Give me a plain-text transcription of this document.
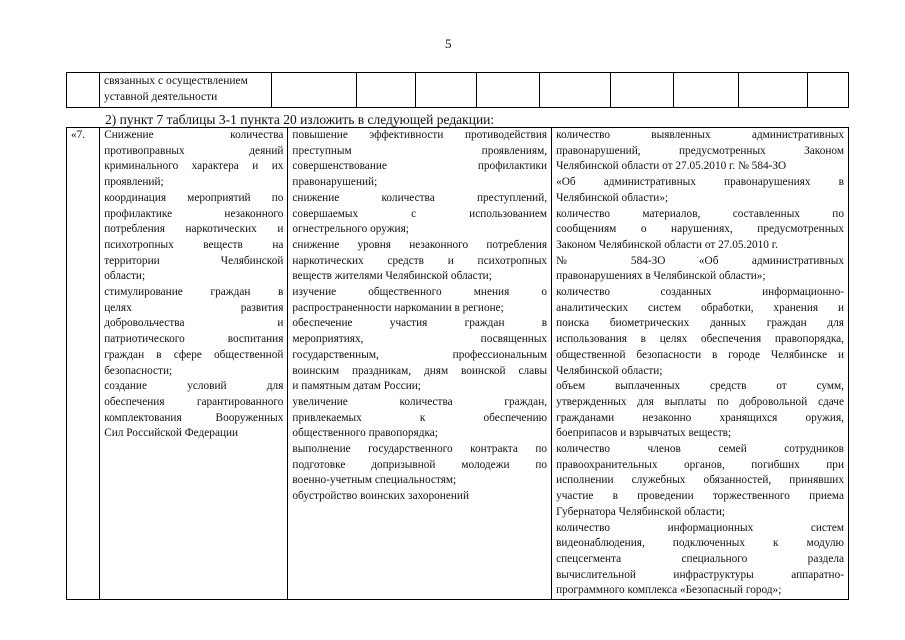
5

связанных с осуществлением
уставной деятельности

2) пункт 7 таблицы 3-1 пункта 20 изложить в следующей редакции:
«7.	Снижение количества
противоправных деяний
криминального характера и их
проявлений;
координация мероприятий по
профилактике незаконного
потребления наркотических и
психотропных веществ на
территории Челябинской
области;
стимулирование граждан в
целях развития
добровольчества и
патриотического воспитания
граждан в сфере общественной
безопасности;
создание условий для
обеспечения гарантированного
комплектования Вооруженных
Сил Российской Федерации

повышение эффективности противодействия
преступным проявлениям,
совершенствование профилактики
правонарушений;
снижение количества преступлений,
совершаемых с использованием
огнестрельного оружия;
снижение уровня незаконного потребления
наркотических средств и психотропных
веществ жителями Челябинской области;
изучение общественного мнения о
распространенности наркомании в регионе;
обеспечение участия граждан в
мероприятиях, посвященных
государственным, профессиональным
воинским праздникам, дням воинской славы
и памятным датам России;
увеличение количества граждан,
привлекаемых к обеспечению
общественного правопорядка;
выполнение государственного контракта по
подготовке допризывной молодежи по
военно-учетным специальностям;
обустройство воинских захоронений

количество выявленных административных
правонарушений, предусмотренных Законом
Челябинской области от 27.05.2010 г. № 584-ЗО
«Об административных правонарушениях в
Челябинской области»;
количество материалов, составленных по
сообщениям о нарушениях, предусмотренных
Законом Челябинской области от 27.05.2010 г.
№ 584-ЗО «Об административных
правонарушениях в Челябинской области»;
количество созданных информационно-
аналитических систем обработки, хранения и
поиска биометрических данных граждан для
использования в целях обеспечения правопорядка,
общественной безопасности в городе Челябинске и
Челябинской области;
объем выплаченных средств от сумм,
утвержденных для выплаты по добровольной сдаче
гражданами незаконно хранящихся оружия,
боеприпасов и взрывчатых веществ;
количество членов семей сотрудников
правоохранительных органов, погибших при
исполнении служебных обязанностей, принявших
участие в проведении торжественного приема
Губернатора Челябинской области;
количество информационных систем
видеонаблюдения, подключенных к модулю
спецсегмента специального раздела
вычислительной инфраструктуры аппаратно-
программного комплекса «Безопасный город»;
